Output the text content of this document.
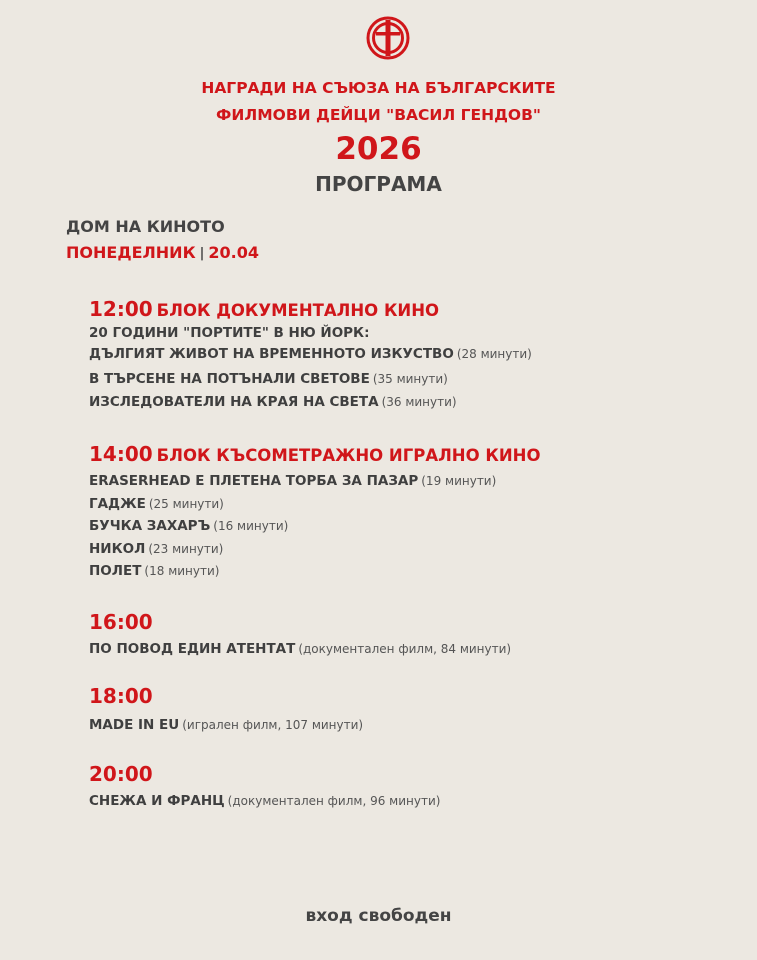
НАГРАДИ НА СЪЮЗА НА БЪЛГАРСКИТЕ
ФИЛМОВИ ДЕЙЦИ "ВАСИЛ ГЕНДОВ"
2026
ПРОГРАМА
ДОМ НА КИНОТО
ПОНЕДЕЛНИК | 20.04
12:00 БЛОК ДОКУМЕНТАЛНО КИНО
20 ГОДИНИ "ПОРТИТЕ" В НЮ ЙОРК:
ДЪЛГИЯТ ЖИВОТ НА ВРЕМЕННОТО ИЗКУСТВО (28 минути)
В ТЪРСЕНЕ НА ПОТЪНАЛИ СВЕТОВЕ (35 минути)
ИЗСЛЕДОВАТЕЛИ НА КРАЯ НА СВЕТА (36 минути)
14:00 БЛОК КЪСОМЕТРАЖНО ИГРАЛНО КИНО
ERASERHEAD Е ПЛЕТЕНА ТОРБА ЗА ПАЗАР (19 минути)
ГАДЖЕ (25 минути)
БУЧКА ЗАХАРЪ (16 минути)
НИКОЛ (23 минути)
ПОЛЕТ (18 минути)
16:00
ПО ПОВОД ЕДИН АТЕНТАТ (документален филм, 84 минути)
18:00
MADE IN EU (игрален филм, 107 минути)
20:00
СНЕЖА И ФРАНЦ (документален филм, 96 минути)
вход свободен
